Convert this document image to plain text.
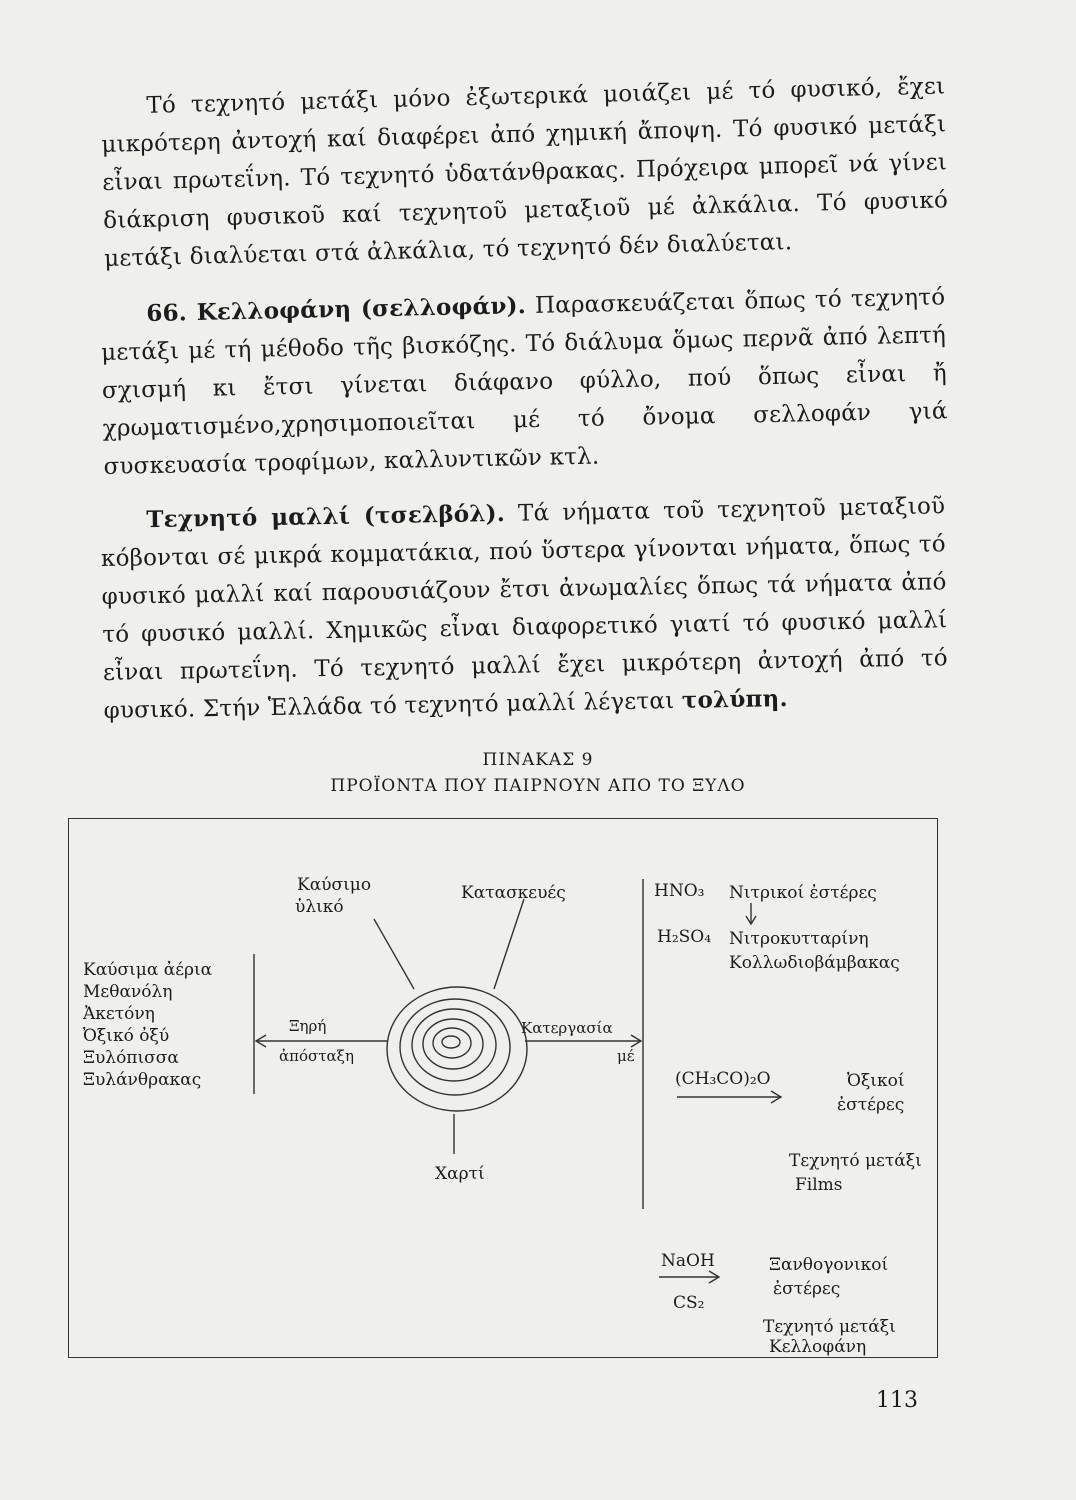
Τό τεχνητό μετάξι μόνο ἐξωτερικά μοιάζει μέ τό φυσικό, ἔχει μικρότερη ἀντοχή καί διαφέρει ἀπό χημική ἄποψη. Τό φυσικό μετάξι εἶναι πρωτεΐνη. Τό τεχνητό ὑδατάνθρακας. Πρόχειρα μπορεῖ νά γίνει διάκριση φυσικοῦ καί τεχνητοῦ μεταξιοῦ μέ ἀλκάλια. Τό φυσικό μετάξι διαλύεται στά ἀλκάλια, τό τεχνητό δέν διαλύεται.

66. Κελλοφάνη (σελλοφάν). Παρασκευάζεται ὅπως τό τεχνητό μετάξι μέ τή μέθοδο τῆς βισκόζης. Τό διάλυμα ὅμως περνᾶ ἀπό λεπτή σχισμή κι ἔτσι γίνεται διάφανο φύλλο, πού ὅπως εἶναι ἤ χρωματισμένο,χρησιμοποιεῖται μέ τό ὄνομα σελλοφάν γιά συσκευασία τροφίμων, καλλυντικῶν κτλ.

Τεχνητό μαλλί (τσελβόλ). Τά νήματα τοῦ τεχνητοῦ μεταξιοῦ κόβονται σέ μικρά κομματάκια, πού ὕστερα γίνονται νήματα, ὅπως τό φυσικό μαλλί καί παρουσιάζουν ἔτσι ἀνωμαλίες ὅπως τά νήματα ἀπό τό φυσικό μαλλί. Χημικῶς εἶναι διαφορετικό γιατί τό φυσικό μαλλί εἶναι πρωτεΐνη. Τό τεχνητό μαλλί ἔχει μικρότερη ἀντοχή ἀπό τό φυσικό. Στήν Ἑλλάδα τό τεχνητό μαλλί λέγεται τολύπη.

ΠΙΝΑΚΑΣ 9
ΠΡΟΪΟΝΤΑ ΠΟΥ ΠΑΙΡΝΟΥΝ ΑΠΟ ΤΟ ΞΥΛΟ
Καύσιμο
ὑλικό
Κατασκευές
Καύσιμα ἀέρια
Μεθανόλη
Ἀκετόνη
Ὀξικό ὀξύ
Ξυλόπισσα
Ξυλάνθρακας
Ξηρή
ἀπόσταξη
Κατεργασία
μέ
Χαρτί
HNO₃ Νιτρικοί ἐστέρες
H₂SO₄ Νιτροκυτταρίνη
Κολλωδιοβάμβακας
(CH₃CO)₂O	Ὀξικοί
ἐστέρες
Τεχνητό μετάξι
Films
NaOH
CS₂
Ξανθογονικοί
ἐστέρες
Τεχνητό μετάξι
Κελλοφάνη
113
